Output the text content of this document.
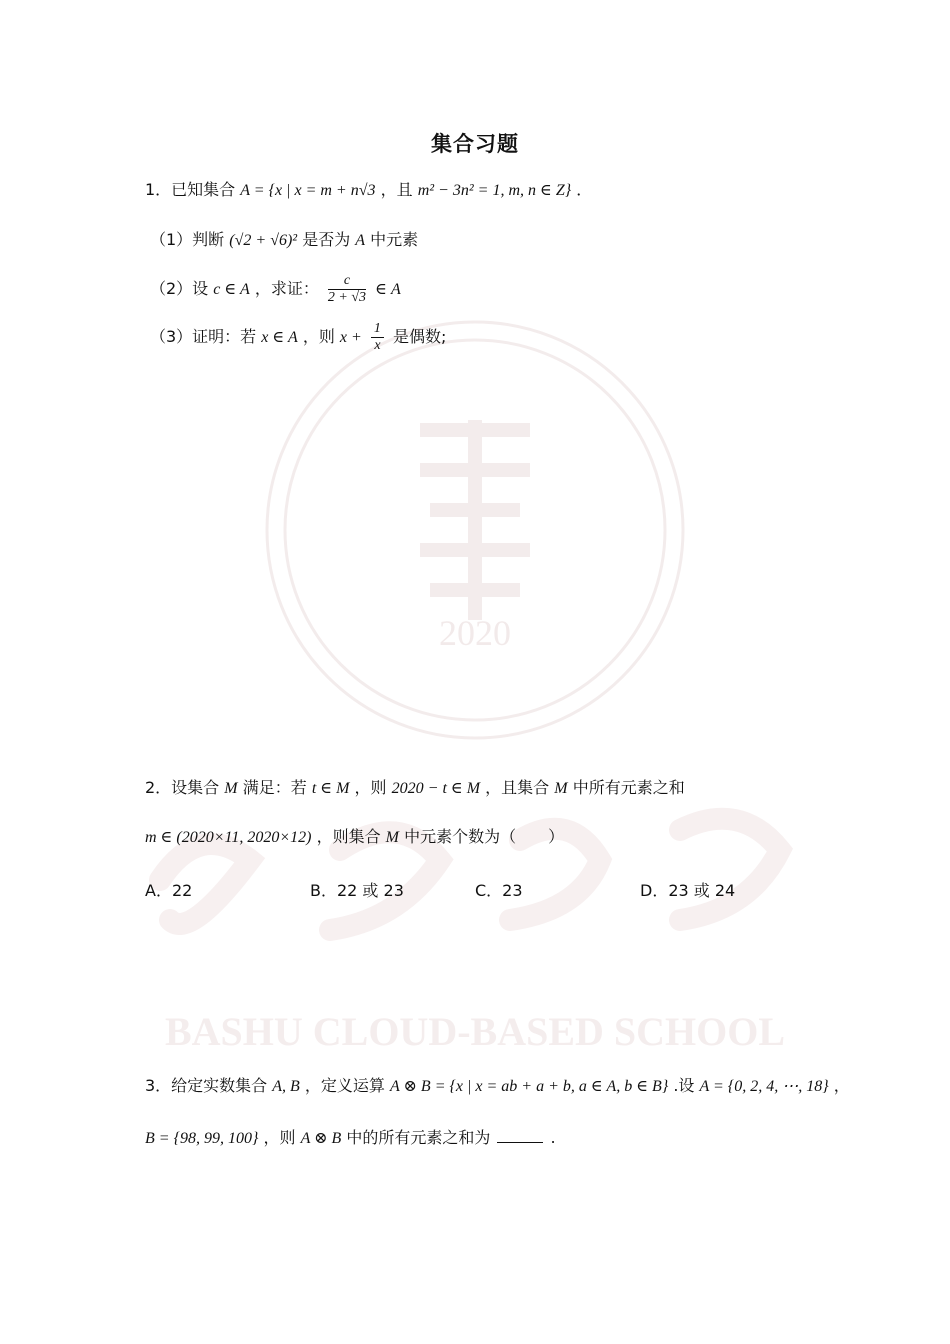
2020
BASHU CLOUD-BASED SCHOOL
集合习题
1．已知集合 A = {x | x = m + n√3 ，且 m² − 3n² = 1, m, n ∈ Z} ．
（1）判断 (√2 + √6)² 是否为 A 中元素
（2）设 c ∈ A ，求证： $\frac{c}{2 + √3}$ ∈ A
（3）证明：若 x ∈ A ，则 $x + \frac{1}{x}$ 是偶数;
2．设集合 M 满足：若 t ∈ M ，则 2020 − t ∈ M ，且集合 M 中所有元素之和
m ∈ (2020×11, 2020×12) ，则集合 M 中元素个数为（　　）
A．22	B．22 或 23	C．23	D．23 或 24
3．给定实数集合 A, B ，定义运算 A ⊗ B = {x | x = ab + a + b, a ∈ A, b ∈ B} .设 A = {0, 2, 4, ⋯, 18} ，
B = {98, 99, 100} ，则 A ⊗ B 中的所有元素之和为	.
